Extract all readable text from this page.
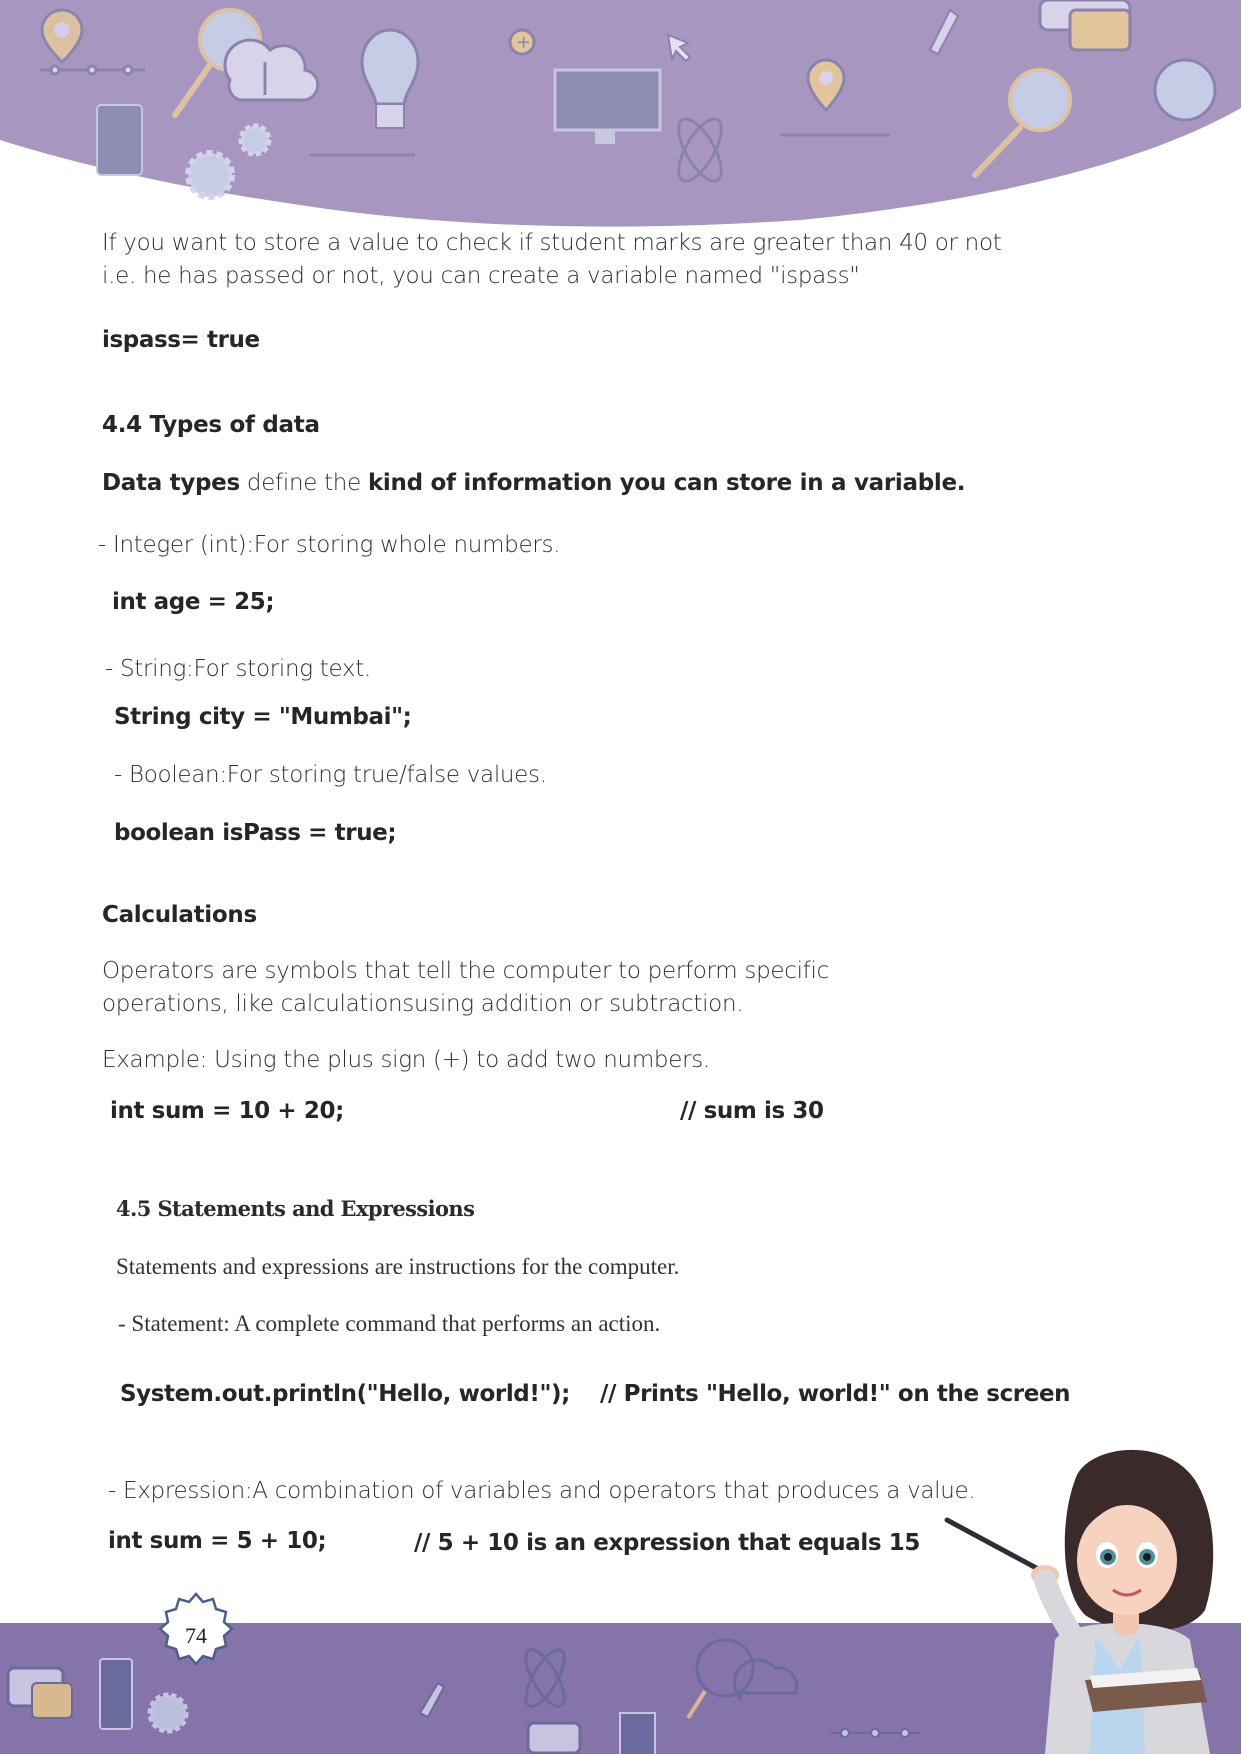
+
If you want to store a value to check if student marks are greater than 40 or not
i.e. he has passed or not, you can create a variable named "ispass"
ispass= true
4.4 Types of data
Data types define the kind of information you can store in a variable.
- Integer (int):For storing whole numbers.
int age = 25;
- String:For storing text.
String city = "Mumbai";
- Boolean:For storing true/false values.
boolean isPass = true;
Calculations
Operators are symbols that tell the computer to perform specific
operations, like calculationsusing addition or subtraction.
Example: Using the plus sign (+) to add two numbers.
int sum = 10 + 20;	// sum is 30
4.5 Statements and Expressions
Statements and expressions are instructions for the computer.
- Statement: A complete command that performs an action.
System.out.println("Hello, world!"); // Prints "Hello, world!" on the screen
- Expression:A combination of variables and operators that produces a value.
int sum = 5 + 10;	// 5 + 10 is an expression that equals 15
74
